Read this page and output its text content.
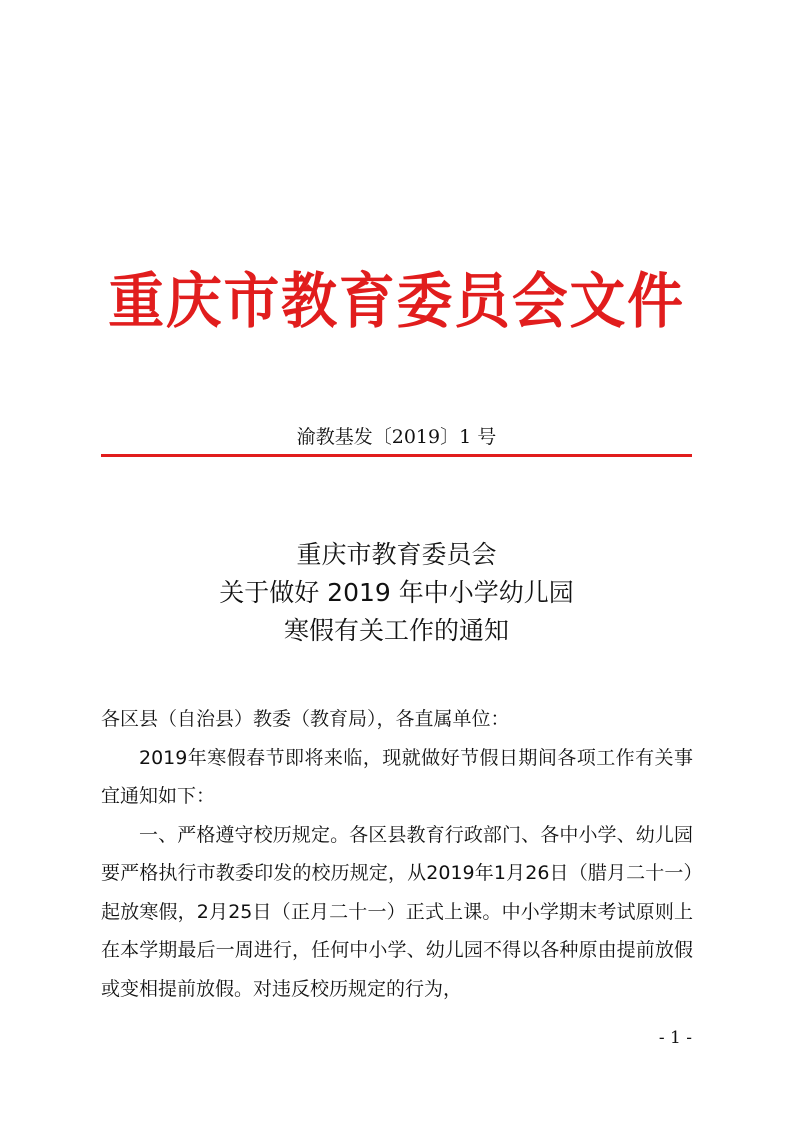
重庆市教育委员会文件
渝教基发〔2019〕1 号
重庆市教育委员会
关于做好 2019 年中小学幼儿园
寒假有关工作的通知

各区县（自治县）教委（教育局），各直属单位：

2019年寒假春节即将来临，现就做好节假日期间各项工作有关事宜通知如下：

一、严格遵守校历规定。各区县教育行政部门、各中小学、幼儿园要严格执行市教委印发的校历规定，从2019年1月26日（腊月二十一）起放寒假，2月25日（正月二十一）正式上课。中小学期末考试原则上在本学期最后一周进行，任何中小学、幼儿园不得以各种原由提前放假或变相提前放假。对违反校历规定的行为，

- 1 -
